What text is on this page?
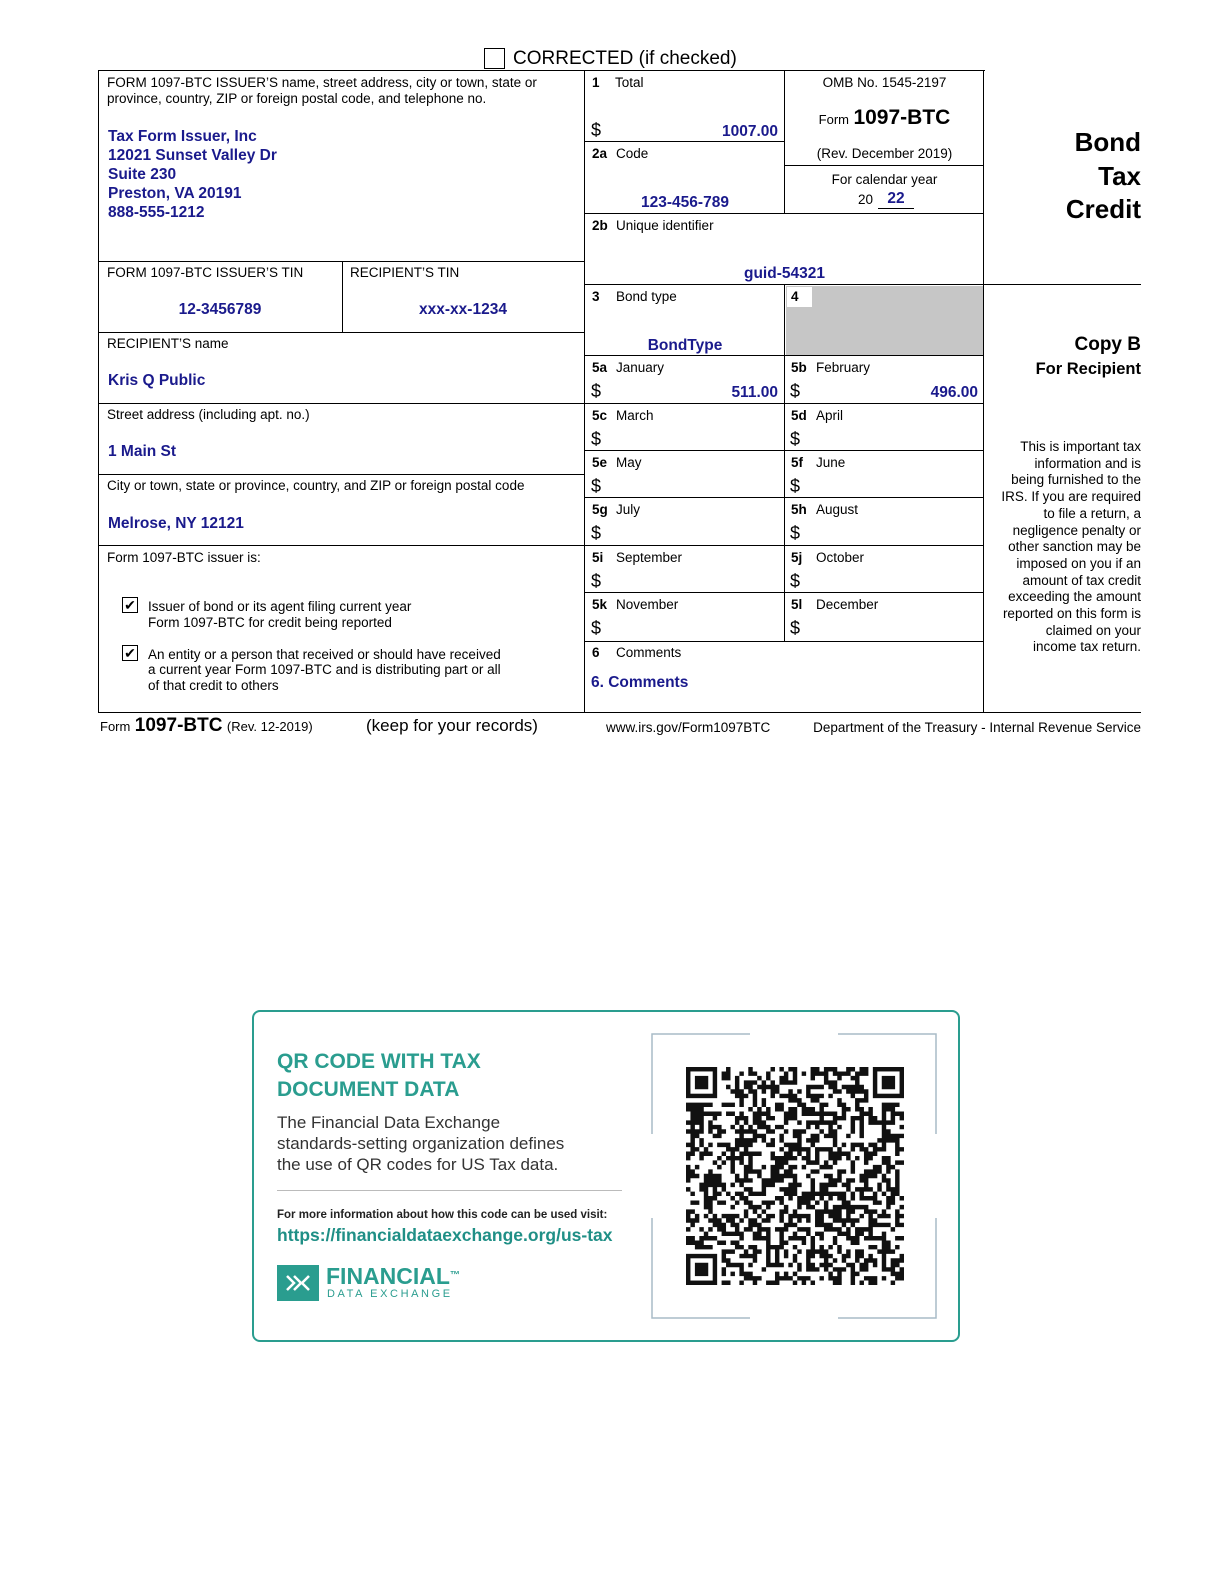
CORRECTED (if checked)
FORM 1097-BTC ISSUER’S name, street address, city or town, state or
province, country, ZIP or foreign postal code, and telephone no.
Tax Form Issuer, Inc
12021 Sunset Valley Dr
Suite 230
Preston, VA 20191
888-555-1212
FORM 1097-BTC ISSUER’S TIN
12-3456789
RECIPIENT’S TIN
xxx-xx-1234
RECIPIENT’S name
Kris Q Public
Street address (including apt. no.)
1 Main St
City or town, state or province, country, and ZIP or foreign postal code
Melrose, NY 12121
Form 1097-BTC issuer is:
✔ Issuer of bond or its agent filing current year
Form 1097-BTC for credit being reported
✔ An entity or a person that received or should have received
a current year Form 1097-BTC and is distributing part or all
of that credit to others
1 Total
$	1007.00
2a Code
123-456-789
OMB No. 1545-2197
Form 1097-BTC
(Rev. December 2019)
For calendar year
20 22
Bond
Tax
Credit
2b Unique identifier
guid-54321
3 Bond type
BondType
4
Copy B
For Recipient
This is important tax
information and is
being furnished to the
IRS. If you are required
to file a return, a
negligence penalty or
other sanction may be
imposed on you if an
amount of tax credit
exceeding the amount
reported on this form is
claimed on your
income tax return.
5a January
$	511.00
5b February
$	496.00
5c March
$
5d April
$
5e May
$
5f June
$
5g July
$
5h August
$
5i September
$
5j October
$
5k November
$
5l December
$
6 Comments
6. Comments
Form 1097-BTC (Rev. 12-2019)	(keep for your records)	www.irs.gov/Form1097BTC	Department of the Treasury - Internal Revenue Service
QR CODE WITH TAX
DOCUMENT DATA
The Financial Data Exchange
standards-setting organization defines
the use of QR codes for US Tax data.
For more information about how this code can be used visit:
https://financialdataexchange.org/us-tax
FINANCIAL™
DATA EXCHANGE
